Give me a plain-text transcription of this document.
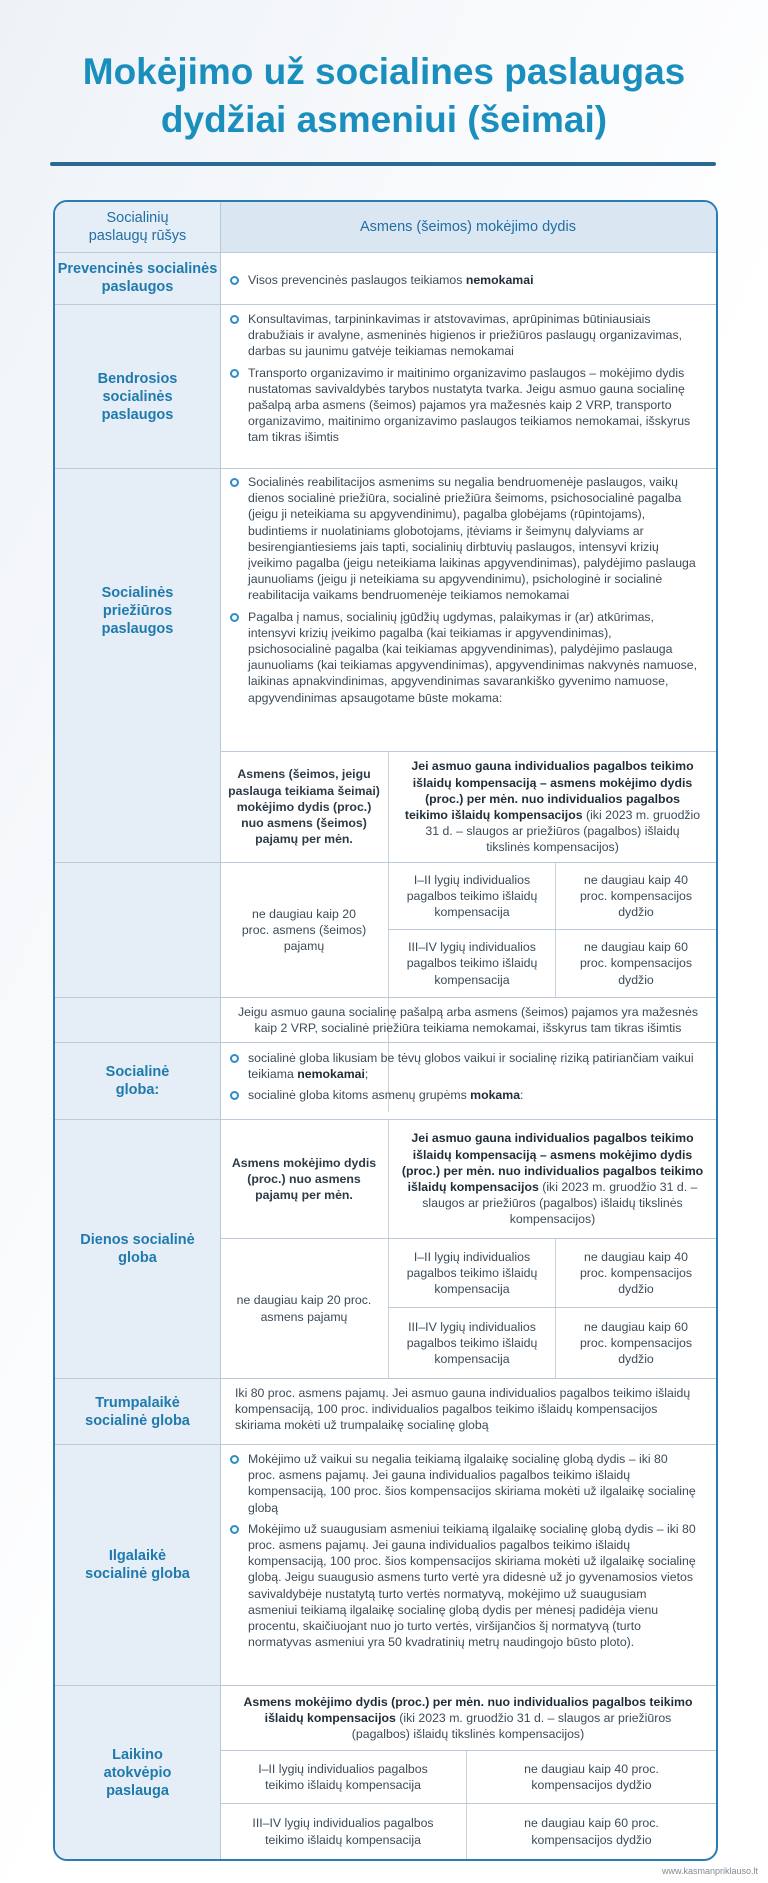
Mokėjimo už socialines paslaugas
dydžiai asmeniui (šeimai)
Socialinių paslaugų rūšys
Asmens (šeimos) mokėjimo dydis
Prevencinės socialinės paslaugos	Visos prevencinės paslaugos teikiamos nemokamai
Bendrosios socialinės paslaugos
Konsultavimas, tarpininkavimas ir atstovavimas, aprūpinimas būtiniausiais drabužiais ir avalyne, asmeninės higienos ir priežiūros paslaugų organizavimas, darbas su jaunimu gatvėje teikiamas nemokamai
Transporto organizavimo ir maitinimo organizavimo paslaugos – mokėjimo dydis nustatomas savivaldybės tarybos nustatyta tvarka. Jeigu asmuo gauna socialinę pašalpą arba asmens (šeimos) pajamos yra mažesnės kaip 2 VRP, transporto organizavimo, maitinimo organizavimo paslaugos teikiamos nemokamai, išskyrus tam tikras išimtis
Socialinės priežiūros paslaugos
Socialinės reabilitacijos asmenims su negalia bendruomenėje paslaugos, vaikų dienos socialinė priežiūra, socialinė priežiūra šeimoms, psichosocialinė pagalba (jeigu ji neteikiama su apgyvendinimu), pagalba globėjams (rūpintojams), budintiems ir nuolatiniams globotojams, įtėviams ir šeimynų dalyviams ar besirengiantiesiems jais tapti, socialinių dirbtuvių paslaugos, intensyvi krizių įveikimo pagalba (jeigu neteikiama laikinas apgyvendinimas), palydėjimo paslauga jaunuoliams (jeigu ji neteikiama su apgyvendinimu), psichologinė ir socialinė reabilitacija vaikams bendruomenėje teikiamos nemokamai
Pagalba į namus, socialinių įgūdžių ugdymas, palaikymas ir (ar) atkūrimas, intensyvi krizių įveikimo pagalba (kai teikiamas ir apgyvendinimas), psichosocialinė pagalba (kai teikiamas apgyvendinimas), palydėjimo paslauga jaunuoliams (kai teikiamas apgyvendinimas), apgyvendinimas nakvynės namuose, laikinas apnakvindinimas, apgyvendinimas savarankiško gyvenimo namuose, apgyvendinimas apsaugotame būste mokama:
Asmens (šeimos, jeigu paslauga teikiama šeimai) mokėjimo dydis (proc.) nuo asmens (šeimos) pajamų per mėn.
Jei asmuo gauna individualios pagalbos teikimo išlaidų kompensaciją – asmens mokėjimo dydis (proc.) per mėn. nuo individualios pagalbos teikimo išlaidų kompensacijos (iki 2023 m. gruodžio 31 d. – slaugos ar priežiūros (pagalbos) išlaidų tikslinės kompensacijos)
ne daugiau kaip 20 proc. asmens (šeimos) pajamų
I–II lygių individualios pagalbos teikimo išlaidų kompensacija
ne daugiau kaip 40 proc. kompensacijos dydžio
III–IV lygių individualios pagalbos teikimo išlaidų kompensacija
ne daugiau kaip 60 proc. kompensacijos dydžio
Jeigu asmuo gauna socialinę pašalpą arba asmens (šeimos) pajamos yra mažesnės kaip 2 VRP, socialinė priežiūra teikiama nemokamai, išskyrus tam tikras išimtis
Socialinė globa:
socialinė globa likusiam be tėvų globos vaikui ir socialinę riziką patiriančiam vaikui teikiama nemokamai;
socialinė globa kitoms asmenų grupėms mokama:
Dienos socialinė globa
Asmens mokėjimo dydis (proc.) nuo asmens pajamų per mėn.
Jei asmuo gauna individualios pagalbos teikimo išlaidų kompensaciją – asmens mokėjimo dydis (proc.) per mėn. nuo individualios pagalbos teikimo išlaidų kompensacijos (iki 2023 m. gruodžio 31 d. – slaugos ar priežiūros (pagalbos) išlaidų tikslinės kompensacijos)
ne daugiau kaip 20 proc. asmens pajamų
I–II lygių individualios pagalbos teikimo išlaidų kompensacija
ne daugiau kaip 40 proc. kompensacijos dydžio
III–IV lygių individualios pagalbos teikimo išlaidų kompensacija
ne daugiau kaip 60 proc. kompensacijos dydžio
Trumpalaikė socialinė globa
Iki 80 proc. asmens pajamų. Jei asmuo gauna individualios pagalbos teikimo išlaidų kompensaciją, 100 proc. individualios pagalbos teikimo išlaidų kompensacijos skiriama mokėti už trumpalaikę socialinę globą
Ilgalaikė socialinė globa
Mokėjimo už vaikui su negalia teikiamą ilgalaikę socialinę globą dydis – iki 80 proc. asmens pajamų. Jei gauna individualios pagalbos teikimo išlaidų kompensaciją, 100 proc. šios kompensacijos skiriama mokėti už ilgalaikę socialinę globą
Mokėjimo už suaugusiam asmeniui teikiamą ilgalaikę socialinę globą dydis – iki 80 proc. asmens pajamų. Jei gauna individualios pagalbos teikimo išlaidų kompensaciją, 100 proc. šios kompensacijos skiriama mokėti už ilgalaikę socialinę globą. Jeigu suaugusio asmens turto vertė yra didesnė už jo gyvenamosios vietos savivaldybėje nustatytą turto vertės normatyvą, mokėjimo už suaugusiam asmeniui teikiamą ilgalaikę socialinę globą dydis per mėnesį padidėja vienu procentu, skaičiuojant nuo jo turto vertės, viršijančios šį normatyvą (turto normatyvas asmeniui yra 50 kvadratinių metrų naudingojo būsto ploto).
Laikino atokvėpio paslauga
Asmens mokėjimo dydis (proc.) per mėn. nuo individualios pagalbos teikimo išlaidų kompensacijos (iki 2023 m. gruodžio 31 d. – slaugos ar priežiūros (pagalbos) išlaidų tikslinės kompensacijos)
I–II lygių individualios pagalbos teikimo išlaidų kompensacija
ne daugiau kaip 40 proc. kompensacijos dydžio
III–IV lygių individualios pagalbos teikimo išlaidų kompensacija
ne daugiau kaip 60 proc. kompensacijos dydžio
www.kasmanpriklauso.lt
